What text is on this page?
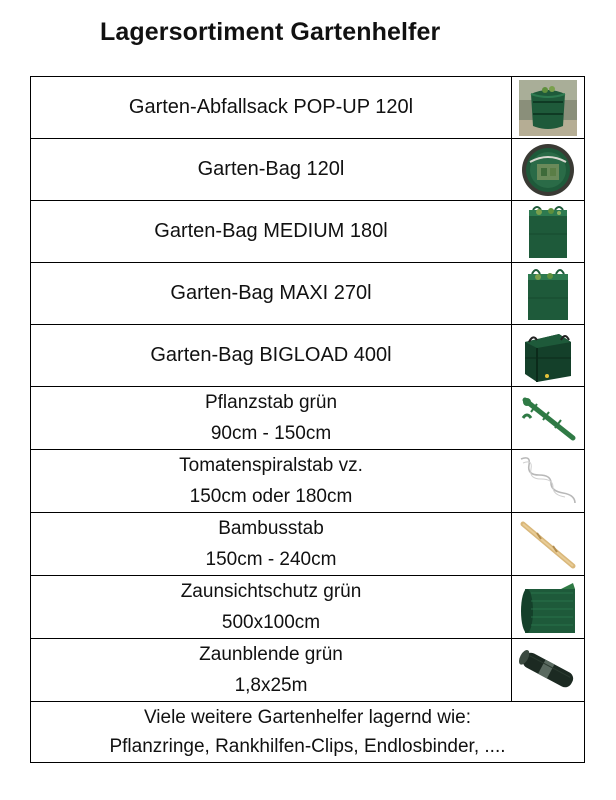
Lagersortiment Gartenhelfer
Garten-Abfallsack POP-UP 120l

Garten-Bag 120l

Garten-Bag MEDIUM 180l

Garten-Bag MAXI 270l

Garten-Bag BIGLOAD 400l

Pflanzstab grün
90cm - 150cm

Tomatenspiralstab vz.
150cm oder 180cm

Bambusstab
150cm - 240cm

Zaunsichtschutz grün
500x100cm

Zaunblende grün
1,8x25m

Viele weitere Gartenhelfer lagernd wie:
Pflanzringe, Rankhilfen-Clips, Endlosbinder, ....	
